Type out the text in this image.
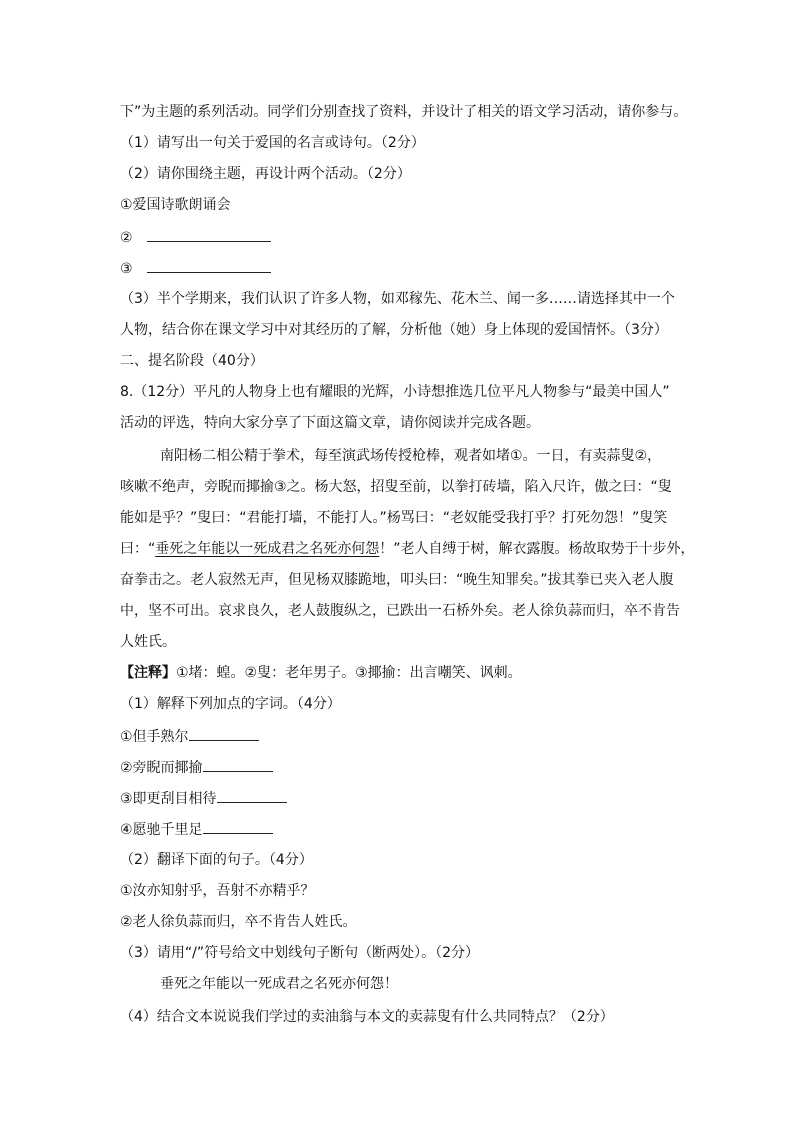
下”为主题的系列活动。同学们分别查找了资料，并设计了相关的语文学习活动，请你参与。
（1）请写出一句关于爱国的名言或诗句。（2分）
（2）请你围绕主题，再设计两个活动。（2分）
①爱国诗歌朗诵会
②
③
（3）半个学期来，我们认识了许多人物，如邓稼先、花木兰、闻一多……请选择其中一个
人物，结合你在课文学习中对其经历的了解，分析他（她）身上体现的爱国情怀。（3分）
二、提名阶段（40分）
8.（12分）平凡的人物身上也有耀眼的光辉，小诗想推选几位平凡人物参与“最美中国人”
活动的评选，特向大家分享了下面这篇文章，请你阅读并完成各题。
南阳杨二相公精于拳术，每至演武场传授枪棒，观者如堵①。一日，有卖蒜叟②，
咳嗽不绝声，旁睨而揶揄③之。杨大怒，招叟至前，以拳打砖墙，陷入尺许，傲之曰：“叟
能如是乎？”叟曰：“君能打墙，不能打人。”杨骂曰：“老奴能受我打乎？打死勿怨！”叟笑
曰：“垂死之年能以一死成君之名死亦何怨！”老人自缚于树，解衣露腹。杨故取势于十步外，
奋拳击之。老人寂然无声，但见杨双膝跪地，叩头曰：“晚生知罪矣。”拔其拳已夹入老人腹
中，坚不可出。哀求良久，老人鼓腹纵之，已跌出一石桥外矣。老人徐负蒜而归，卒不肯告
人姓氏。
【注释】①堵：蝗。②叟：老年男子。③揶揄：出言嘲笑、讽刺。
（1）解释下列加点的字词。（4分）
①但手熟尔
②旁睨而揶揄
③即更刮目相待
④愿驰千里足
（2）翻译下面的句子。（4分）
①汝亦知射乎，吾射不亦精乎？
②老人徐负蒜而归，卒不肯告人姓氏。
（3）请用“/”符号给文中划线句子断句（断两处）。（2分）
垂死之年能以一死成君之名死亦何怨！
（4）结合文本说说我们学过的卖油翁与本文的卖蒜叟有什么共同特点？（2分）
